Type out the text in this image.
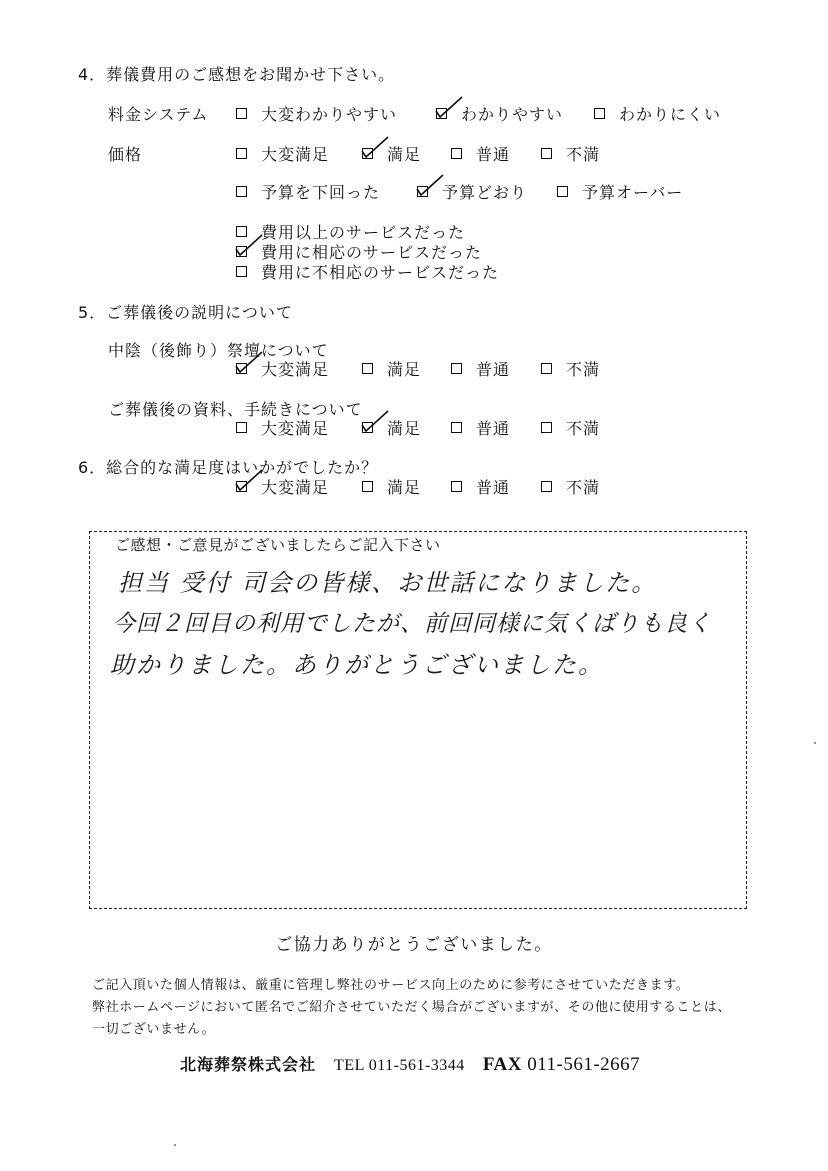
4．葬儀費用のご感想をお聞かせ下さい。
料金システム	大変わかりやすい	わかりやすい	わかりにくい
価格	大変満足	満足	普通	不満
予算を下回った	予算どおり	予算オーバー
費用以上のサービスだった
費用に相応のサービスだった
費用に不相応のサービスだった
5．ご葬儀後の説明について
中陰（後飾り）祭壇について
大変満足	満足	普通	不満
ご葬儀後の資料、手続きについて
大変満足	満足	普通	不満
6．総合的な満足度はいかがでしたか？
大変満足	満足	普通	不満
ご感想・ご意見がございましたらご記入下さい
担当 受付 司会の皆様、お世話になりました。
今回２回目の利用でしたが、前回同様に気くばりも良く
助かりました。ありがとうございました。
ご協力ありがとうございました。
ご記入頂いた個人情報は、厳重に管理し弊社のサービス向上のために参考にさせていただきます。
弊社ホームページにおいて匿名でご紹介させていただく場合がございますが、その他に使用することは、
一切ございません。
北海葬祭株式会社 TEL 011-561-3344 FAX 011-561-2667
